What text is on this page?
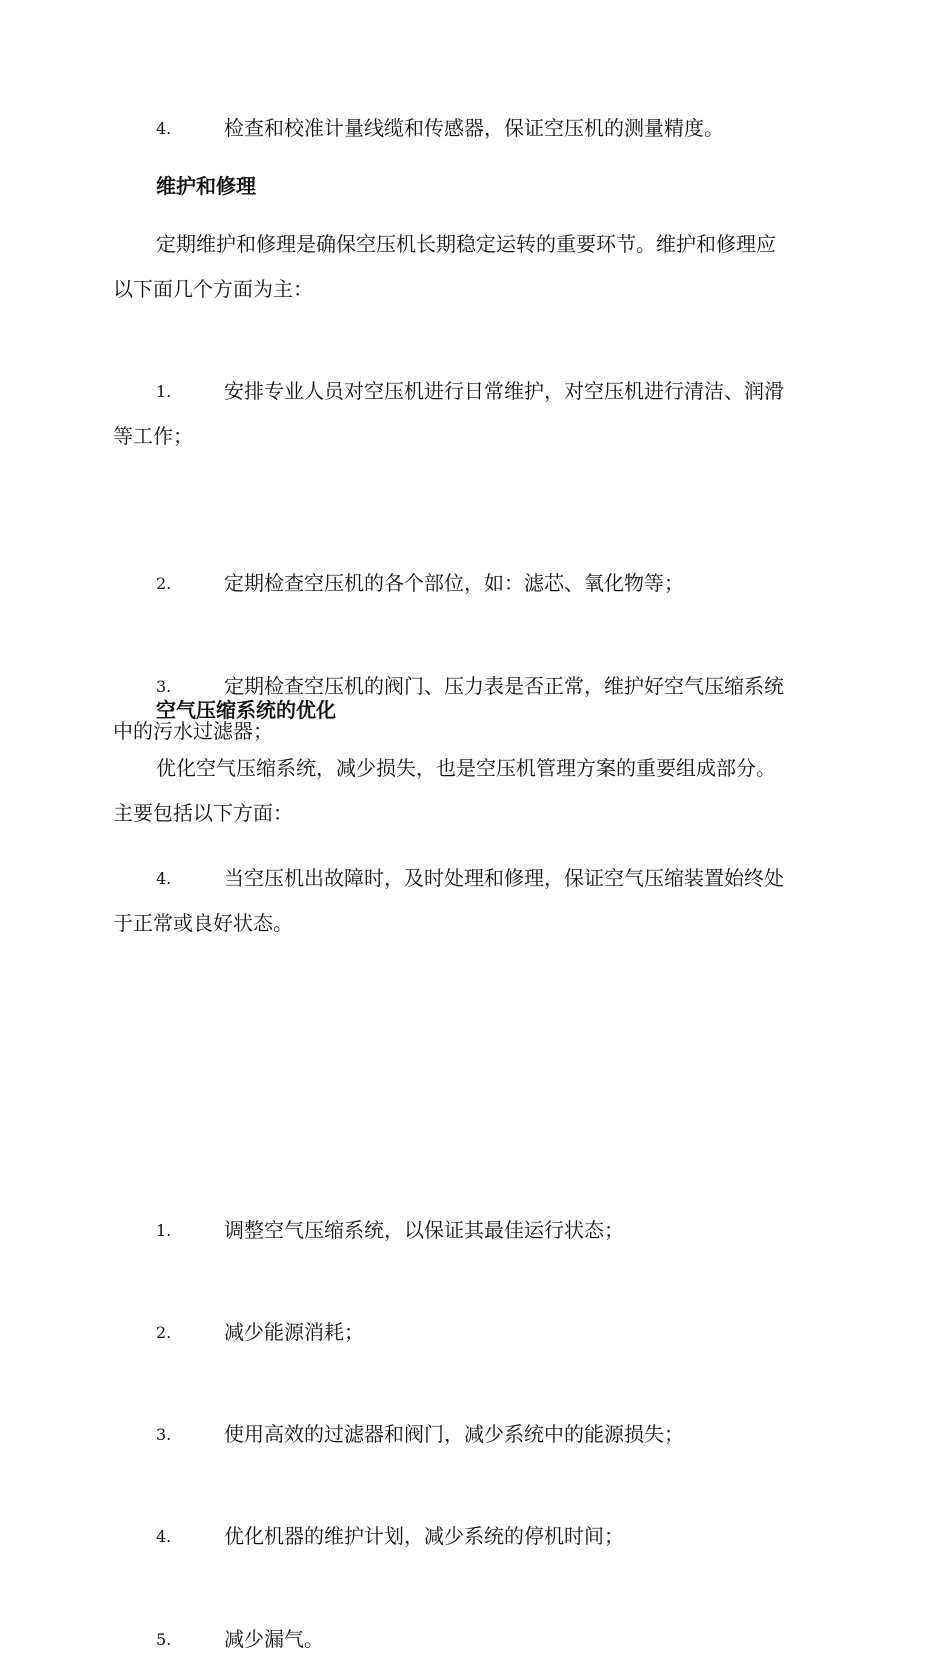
4.	检查和校准计量线缆和传感器，保证空压机的测量精度。

维护和修理

定期维护和修理是确保空压机长期稳定运转的重要环节。维护和修理应

以下面几个方面为主：

1.	安排专业人员对空压机进行日常维护，对空压机进行清洁、润滑
等工作；
2.	定期检查空压机的各个部位，如：滤芯、氧化物等；
3.	定期检查空压机的阀门、压力表是否正常，维护好空气压缩系统
中的污水过滤器；
4.	当空压机出故障时，及时处理和修理，保证空气压缩装置始终处
于正常或良好状态。

空气压缩系统的优化

优化空气压缩系统，减少损失，也是空压机管理方案的重要组成部分。

主要包括以下方面：

1.	调整空气压缩系统，以保证其最佳运行状态；
2.	减少能源消耗；
3.	使用高效的过滤器和阀门，减少系统中的能源损失；
4.	优化机器的维护计划，减少系统的停机时间；
5.	减少漏气。
